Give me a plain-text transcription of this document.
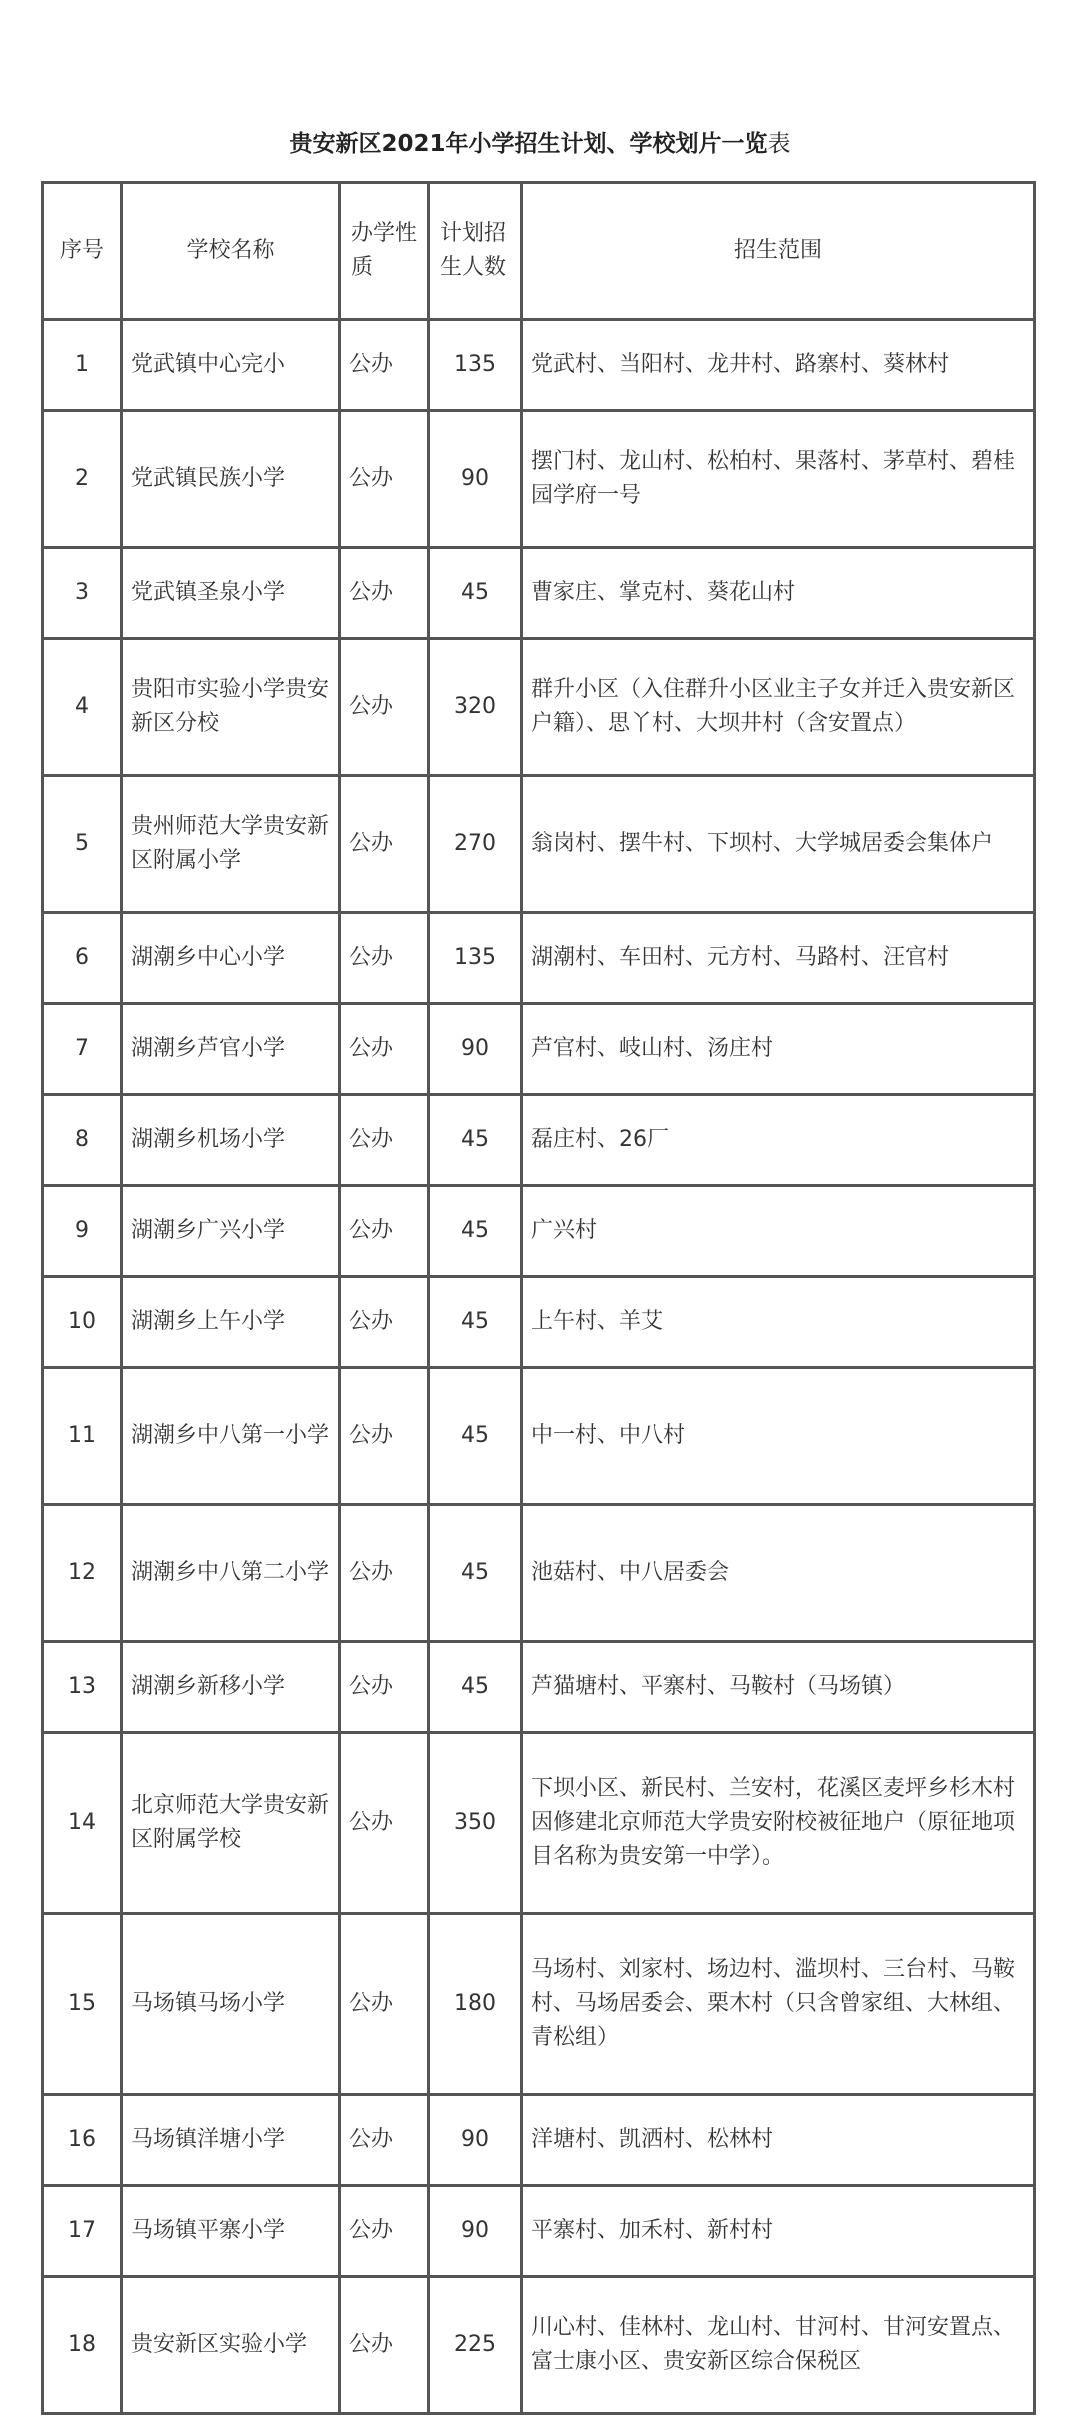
贵安新区2021年小学招生计划、学校划片一览表
序号	学校名称	办学性质	计划招生人数	招生范围
1	党武镇中心完小	公办	135	党武村、当阳村、龙井村、路寨村、葵林村
2	党武镇民族小学	公办	90	摆门村、龙山村、松柏村、果落村、茅草村、碧桂园学府一号
3	党武镇圣泉小学	公办	45	曹家庄、掌克村、葵花山村
4	贵阳市实验小学贵安新区分校	公办	320	群升小区（入住群升小区业主子女并迁入贵安新区户籍）、思丫村、大坝井村（含安置点）
5	贵州师范大学贵安新区附属小学	公办	270	翁岗村、摆牛村、下坝村、大学城居委会集体户
6	湖潮乡中心小学	公办	135	湖潮村、车田村、元方村、马路村、汪官村
7	湖潮乡芦官小学	公办	90	芦官村、岐山村、汤庄村
8	湖潮乡机场小学	公办	45	磊庄村、26厂
9	湖潮乡广兴小学	公办	45	广兴村
10	湖潮乡上午小学	公办	45	上午村、羊艾
11	湖潮乡中八第一小学	公办	45	中一村、中八村
12	湖潮乡中八第二小学	公办	45	池菇村、中八居委会
13	湖潮乡新移小学	公办	45	芦猫塘村、平寨村、马鞍村（马场镇）
14	北京师范大学贵安新区附属学校	公办	350	下坝小区、新民村、兰安村，花溪区麦坪乡杉木村因修建北京师范大学贵安附校被征地户（原征地项目名称为贵安第一中学）。
15	马场镇马场小学	公办	180	马场村、刘家村、场边村、滥坝村、三台村、马鞍村、马场居委会、栗木村（只含曾家组、大林组、青松组）
16	马场镇洋塘小学	公办	90	洋塘村、凯洒村、松林村
17	马场镇平寨小学	公办	90	平寨村、加禾村、新村村
18	贵安新区实验小学	公办	225	川心村、佳林村、龙山村、甘河村、甘河安置点、富士康小区、贵安新区综合保税区
